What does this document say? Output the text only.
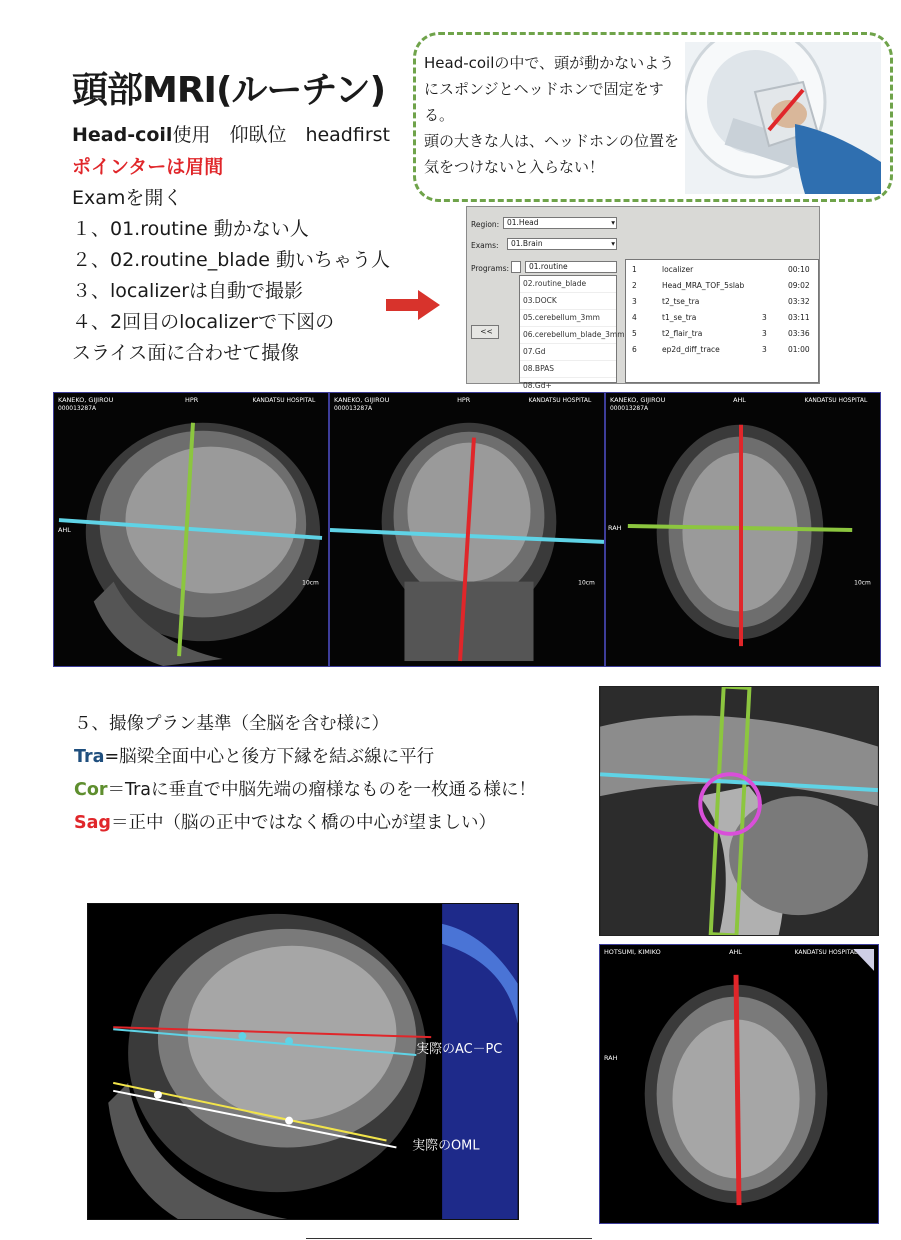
頭部MRI(ルーチン)
Head-coil使用　仰臥位　headfirst
ポインターは眉間
Examを開く
１、01.routine 動かない人
２、02.routine_blade 動いちゃう人
３、localizerは自動で撮影
４、2回目のlocalizerで下図の
スライス面に合わせて撮像
Head-coilの中で、頭が動かないようにスポンジとヘッドホンで固定をする。
頭の大きな人は、ヘッドホンの位置を気をつけないと入らない！
Region:	01.Head	▾
Exams:	01.Brain	▾
Programs:	01.routine
02.routine_blade
03.DOCK
05.cerebellum_3mm
06.cerebellum_blade_3mm
07.Gd
08.BPAS
08.Gd+
<<
1	localizer	00:10
2	Head_MRA_TOF_5slab	09:02
3	t2_tse_tra	03:32
4	t1_se_tra	3	03:11
5	t2_flair_tra	3	03:36
6	ep2d_diff_trace	3	01:00
KANEKO, GIJIROU
000013287A
HPR	KANDATSU HOSPITAL
AHL
10cm
KANEKO, GIJIROU
000013287A
HPR	KANDATSU HOSPITAL
10cm
KANEKO, GIJIROU
000013287A
AHL	KANDATSU HOSPITAL
RAH
10cm
５、撮像プラン基準（全脳を含む様に）
Tra=脳梁全面中心と後方下縁を結ぶ線に平行
Cor＝Traに垂直で中脳先端の瘤様なものを一枚通る様に！
Sag＝正中（脳の正中ではなく橋の中心が望ましい）
実際のAC－PC
実際のOML
HOTSUMI, KIMIKO	AHL	KANDATSU HOSPITAL
RAH
